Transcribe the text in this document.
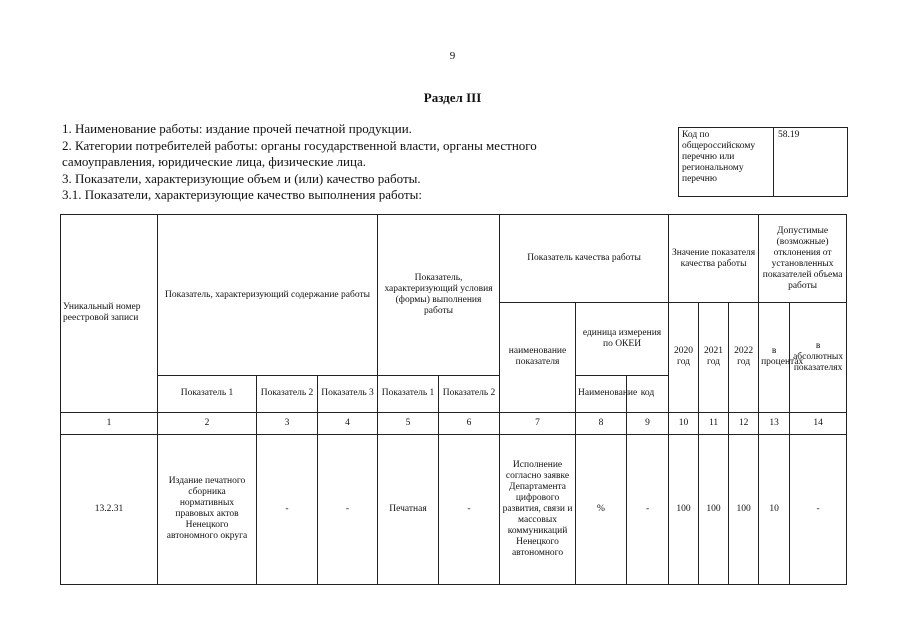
9
Раздел III
1. Наименование работы: издание прочей печатной продукции.
2. Категории потребителей работы: органы государственной власти, органы местного
самоуправления, юридические лица, физические лица.
3. Показатели, характеризующие объем и (или) качество работы.
3.1. Показатели, характеризующие качество выполнения работы:
Код по общероссийскому перечню или региональному перечню
58.19
Уникальный номер реестровой записи	Показатель, характеризующий содержание работы			Показатель, характеризующий условия (формы) выполнения работы		Показатель качества работы			Значение показателя качества работы			Допустимые (возможные) отклонения от установленных показателей объема работы	
						наименование показателя	единица измерения по ОКЕИ		2020 год	2021 год	2022 год	в процентах	в абсолютных показателях
	Показатель 1	Показатель 2	Показатель 3	Показатель 1	Показатель 2		Наименование	код					
1	2	3	4	5	6	7	8	9	10	11	12	13	14
13.2.31	Издание печатного сборника нормативных правовых актов Ненецкого автономного округа	-	-	Печатная	-	Исполнение согласно заявке Департамента цифрового развития, связи и массовых коммуникаций Ненецкого автономного	%	-	100	100	100	10	-
